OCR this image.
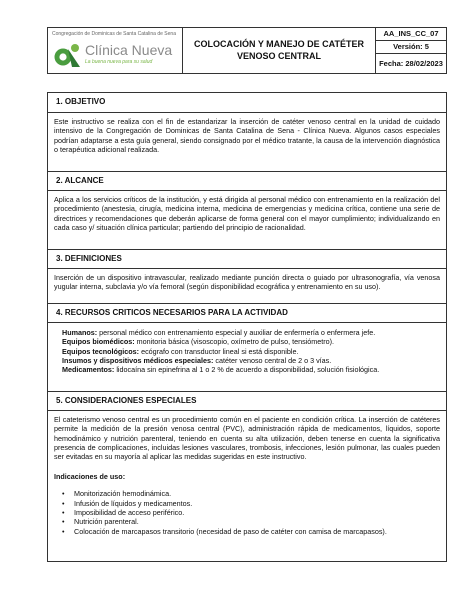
Congregación de Dominicas de Santa Catalina de Sena
Clínica Nueva
La buena nueva para su salud
COLOCACIÓN Y MANEJO DE CATÉTER
VENOSO CENTRAL
AA_INS_CC_07
Versión: 5
Fecha: 28/02/2023
1. OBJETIVO
Este instructivo se realiza con el fin de estandarizar la inserción de catéter venoso central en la unidad de cuidado intensivo de la Congregación de Dominicas de Santa Catalina de Sena - Clínica Nueva. Algunos casos especiales podrían adaptarse a esta guía general, siendo consignado por el médico tratante, la causa de la intervención diagnóstica o terapéutica adicional realizada.
2. ALCANCE
Aplica a los servicios críticos de la institución, y está dirigida al personal médico con entrenamiento en la realización del procedimiento (anestesia, cirugía, medicina interna, medicina de emergencias y medicina crítica, contiene una serie de directrices y recomendaciones que deberán aplicarse de forma general con el mayor cumplimiento; individualizando en cada caso y/ situación clínica particular; partiendo del principio de racionalidad.
3. DEFINICIONES
Inserción de un dispositivo intravascular, realizado mediante punción directa o guiado por ultrasonografía, vía venosa yugular interna, subclavia y/o vía femoral (según disponibilidad ecográfica y entrenamiento en su uso).
4. RECURSOS CRITICOS NECESARIOS PARA LA ACTIVIDAD
Humanos: personal médico con entrenamiento especial y auxiliar de enfermería o enfermera jefe.
Equipos biomédicos: monitoria básica (visoscopio, oxímetro de pulso, tensiómetro).
Equipos tecnológicos: ecógrafo con transductor lineal si está disponible.
Insumos y dispositivos médicos especiales: catéter venoso central de 2 o 3 vías.
Medicamentos: lidocaína sin epinefrina al 1 o 2 % de acuerdo a disponibilidad, solución fisiológica.
5. CONSIDERACIONES ESPECIALES
El cateterismo venoso central es un procedimiento común en el paciente en condición crítica. La inserción de catéteres permite la medición de la presión venosa central (PVC), administración rápida de medicamentos, líquidos, soporte hemodinámico y nutrición parenteral, teniendo en cuenta su alta utilización, deben tenerse en cuenta la significativa presencia de complicaciones, incluidas lesiones vasculares, trombosis, infecciones, lesión pulmonar, las cuales pueden ser evitadas en su mayoría al aplicar las medidas sugeridas en este instructivo.
Indicaciones de uso:
• Monitorización hemodinámica.
• Infusión de líquidos y medicamentos.
• Imposibilidad de acceso periférico.
• Nutrición parenteral.
• Colocación de marcapasos transitorio (necesidad de paso de catéter con camisa de marcapasos).
